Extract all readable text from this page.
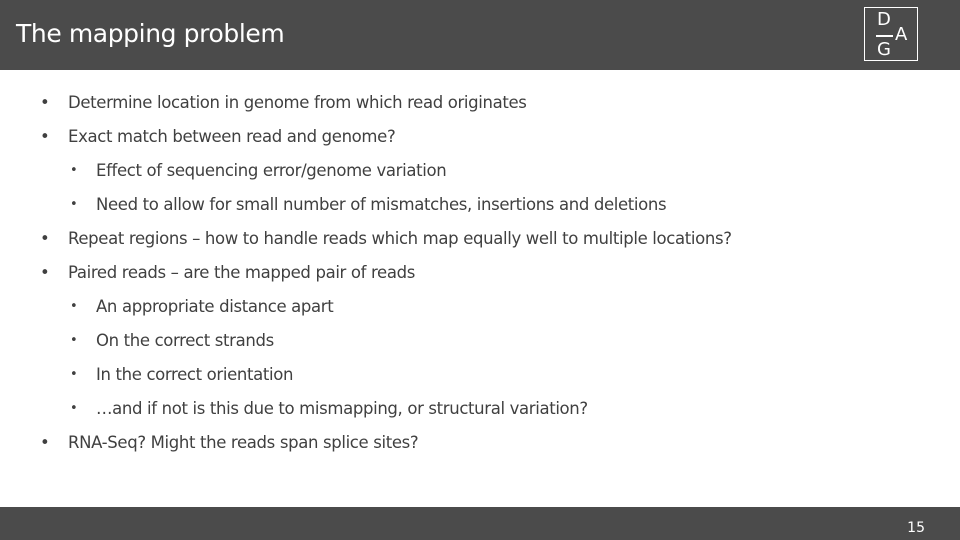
The mapping problem	D
A
G
• Determine location in genome from which read originates
• Exact match between read and genome?
• Effect of sequencing error/genome variation
• Need to allow for small number of mismatches, insertions and deletions
• Repeat regions – how to handle reads which map equally well to multiple locations?
• Paired reads – are the mapped pair of reads
• An appropriate distance apart
• On the correct strands
• In the correct orientation
• …and if not is this due to mismapping, or structural variation?
• RNA-Seq? Might the reads span splice sites?
15
